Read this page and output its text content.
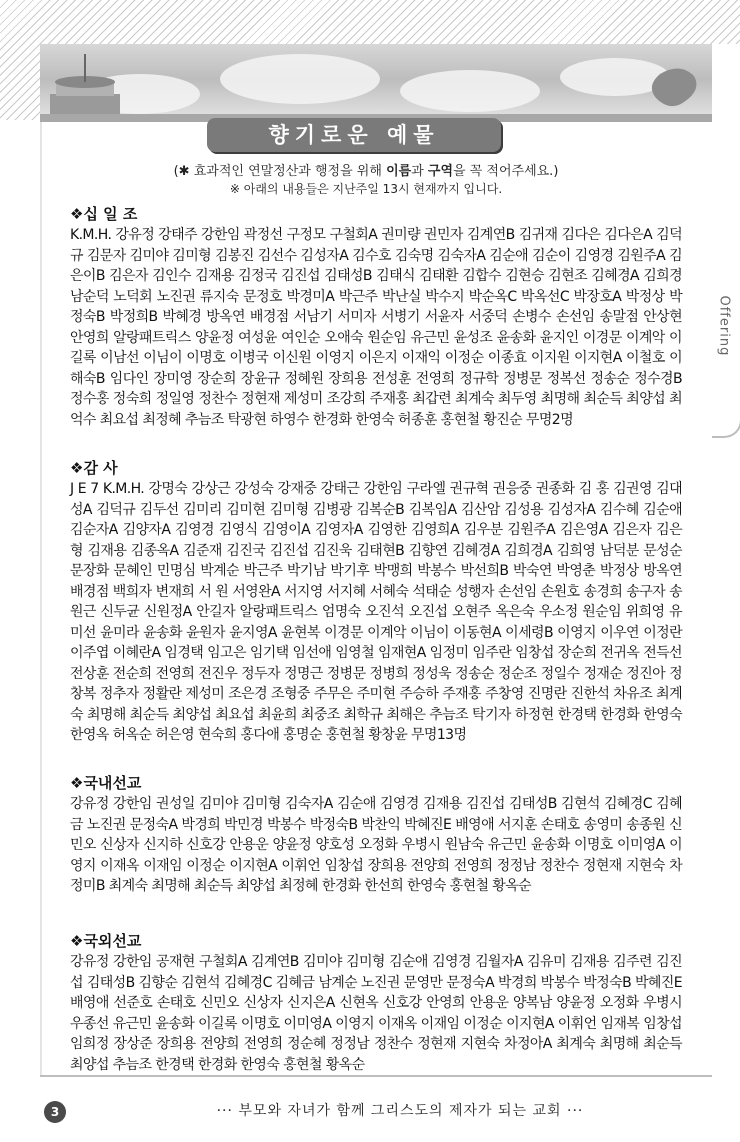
Offering
향기로운 예물
(✱ 효과적인 연말정산과 행정을 위해 이름과 구역을 꼭 적어주세요.)
※ 아래의 내용들은 지난주일 13시 현재까지 입니다.
❖십 일 조
K.M.H. 강유정 강태주 강한임 곽정선 구정모 구철회A 권미량 권민자 김계연B 김귀재 김다은 김다은A 김덕규 김문자 김미야 김미형 김봉진 김선수 김성자A 김수호 김숙명 김숙자A 김순애 김순이 김영경 김원주A 김은이B 김은자 김인수 김재용 김정국 김진섭 김태성B 김태식 김태환 김합수 김현승 김현조 김혜경A 김희경 남순덕 노덕회 노진권 류지숙 문정호 박경미A 박근주 박난실 박수지 박순옥C 박옥선C 박장호A 박정상 박정숙B 박정희B 박혜경 방옥연 배경점 서남기 서미자 서병기 서윤자 서중덕 손병수 손선임 송말점 안상현 안영희 알랑패트릭스 양윤정 여성윤 여인순 오애숙 원순임 유근민 윤성조 윤송화 윤지인 이경문 이계악 이길록 이남선 이님이 이명호 이병국 이신원 이영지 이은지 이재익 이정순 이종효 이지원 이지현A 이철호 이해숙B 임다인 장미영 장순희 장윤규 정혜원 장희용 전성훈 전영희 정규학 정병문 정복선 정송순 정수경B 정수홍 정숙희 정일영 정찬수 정현재 제성미 조강희 주재홍 최갑련 최계숙 최두영 최명해 최순득 최양섭 최억수 최요섭 최정혜 추늠조 탁광현 하영수 한경화 한영숙 허종훈 홍현철 황진순 무명2명
❖감 사
J E 7 K.M.H. 강명숙 강상근 강성숙 강재중 강태근 강한임 구라엘 권규혁 권응중 권종화 김 홍 김권영 김대성A 김덕규 김두선 김미리 김미현 김미형 김병광 김복순B 김복임A 김산암 김성용 김성자A 김수혜 김순애 김순자A 김양자A 김영경 김영식 김영이A 김영자A 김영한 김영희A 김우분 김원주A 김은영A 김은자 김은형 김재용 김종옥A 김준재 김진국 김진섭 김진욱 김태현B 김향연 김혜경A 김희경A 김희영 남덕분 문성순 문장화 문혜인 민명심 박계순 박근주 박기남 박기후 박맹희 박봉수 박선희B 박숙연 박영춘 박정상 방옥연 배경점 백희자 변재희 서 원 서영완A 서지영 서지혜 서혜숙 석태순 성행자 손선임 손원호 송경희 송구자 송원근 신두균 신원정A 안길자 알랑패트릭스 엄명숙 오진석 오진섭 오현주 옥은숙 우소정 원순임 위희영 유미선 윤미라 윤송화 윤원자 윤지영A 윤현복 이경문 이계악 이님이 이동현A 이세령B 이영지 이우연 이정란 이주엽 이혜란A 임경택 임고은 임기택 임선애 임영철 임재현A 임정미 임주란 임창섭 장순희 전귀옥 전득선 전상훈 전순희 전영희 전진우 정두자 정명근 정병문 정병희 정성욱 정송순 정순조 정일수 정재순 정진아 정창복 정추자 정활란 제성미 조은경 조형중 주무은 주미현 주승하 주재홍 주창영 진명란 진한석 차유조 최계숙 최명해 최순득 최양섭 최요섭 최윤희 최중조 최학규 최해은 추늠조 탁기자 하정현 한경택 한경화 한영숙 한영옥 허옥순 허은영 현숙희 홍다애 홍명순 홍현철 황창윤 무명13명
❖국내선교
강유정 강한임 권성일 김미야 김미형 김숙자A 김순애 김영경 김재용 김진섭 김태성B 김현석 김혜경C 김혜금 노진권 문정숙A 박경희 박민경 박봉수 박정숙B 박찬익 박혜진E 배영애 서지훈 손태호 송영미 송종원 신민오 신상자 신지하 신호강 안용운 양윤정 양호성 오정화 우병시 원남숙 유근민 윤송화 이명호 이미영A 이영지 이재옥 이재임 이정순 이지현A 이휘언 임창섭 장희용 전양희 전영희 정정남 정찬수 정현재 지현숙 차정미B 최계숙 최명해 최순득 최양섭 최정혜 한경화 한선희 한영숙 홍현철 황옥순
❖국외선교
강유정 강한임 공재현 구철회A 김계연B 김미야 김미형 김순애 김영경 김월자A 김유미 김재용 김주련 김진섭 김태성B 김향순 김현석 김혜경C 김혜금 남계순 노진권 문영만 문정숙A 박경희 박봉수 박정숙B 박혜진E 배영애 선준호 손태호 신민오 신상자 신지은A 신현옥 신호강 안영희 안용운 양복남 양윤정 오정화 우병시 우종선 유근민 윤송화 이길록 이명호 이미영A 이영지 이재옥 이재임 이정순 이지현A 이휘언 임재복 임창섭 임희정 장상준 장희용 전양희 전영희 정순혜 정정남 정찬수 정현재 지현숙 차정아A 최계숙 최명해 최순득 최양섭 추늠조 한경택 한경화 한영숙 홍현철 황옥순
3	··· 부모와 자녀가 함께 그리스도의 제자가 되는 교회 ···
